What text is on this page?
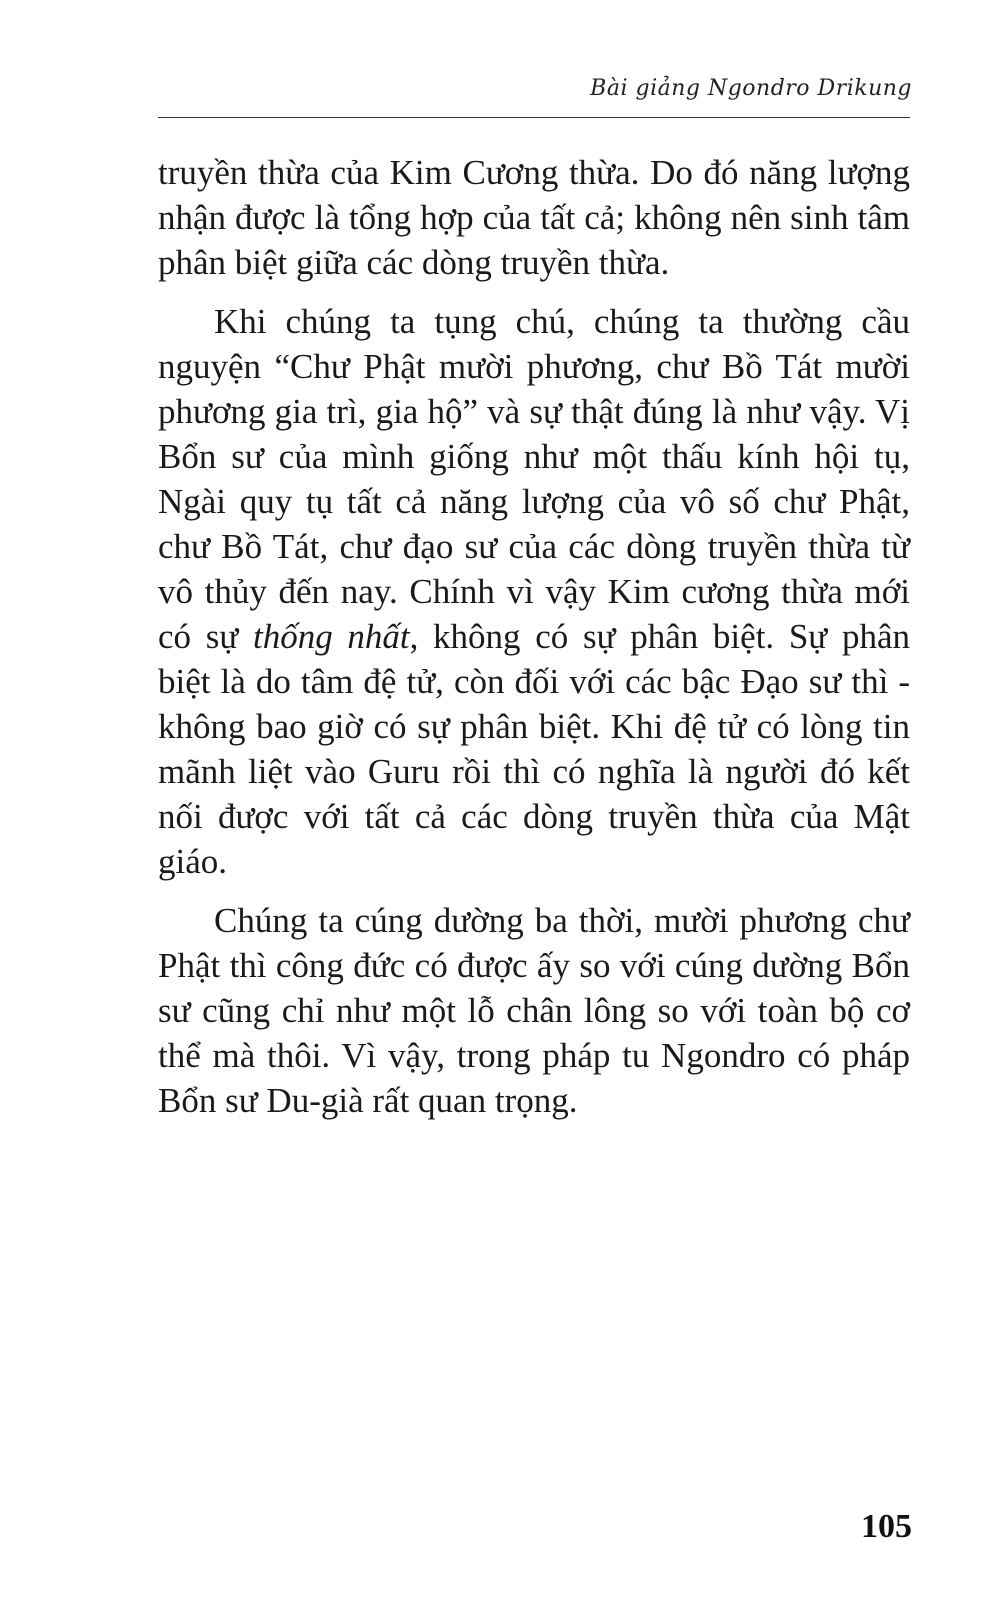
Bài giảng Ngondro Drikung

truyền thừa của Kim Cương thừa. Do đó năng lượng nhận được là tổng hợp của tất cả; không nên sinh tâm phân biệt giữa các dòng truyền thừa.

Khi chúng ta tụng chú, chúng ta thường cầu nguyện “Chư Phật mười phương, chư Bồ Tát mười phương gia trì, gia hộ” và sự thật đúng là như vậy. Vị Bổn sư của mình giống như một thấu kính hội tụ, Ngài quy tụ tất cả năng lượng của vô số chư Phật, chư Bồ Tát, chư đạo sư của các dòng truyền thừa từ vô thủy đến nay. Chính vì vậy Kim cương thừa mới có sự thống nhất, không có sự phân biệt. Sự phân biệt là do tâm đệ tử, còn đối với các bậc Đạo sư thì - không bao giờ có sự phân biệt. Khi đệ tử có lòng tin mãnh liệt vào Guru rồi thì có nghĩa là người đó kết nối được với tất cả các dòng truyền thừa của Mật giáo.

Chúng ta cúng dường ba thời, mười phương chư Phật thì công đức có được ấy so với cúng dường Bổn sư cũng chỉ như một lỗ chân lông so với toàn bộ cơ thể mà thôi. Vì vậy, trong pháp tu Ngondro có pháp Bổn sư Du-già rất quan trọng.

105
